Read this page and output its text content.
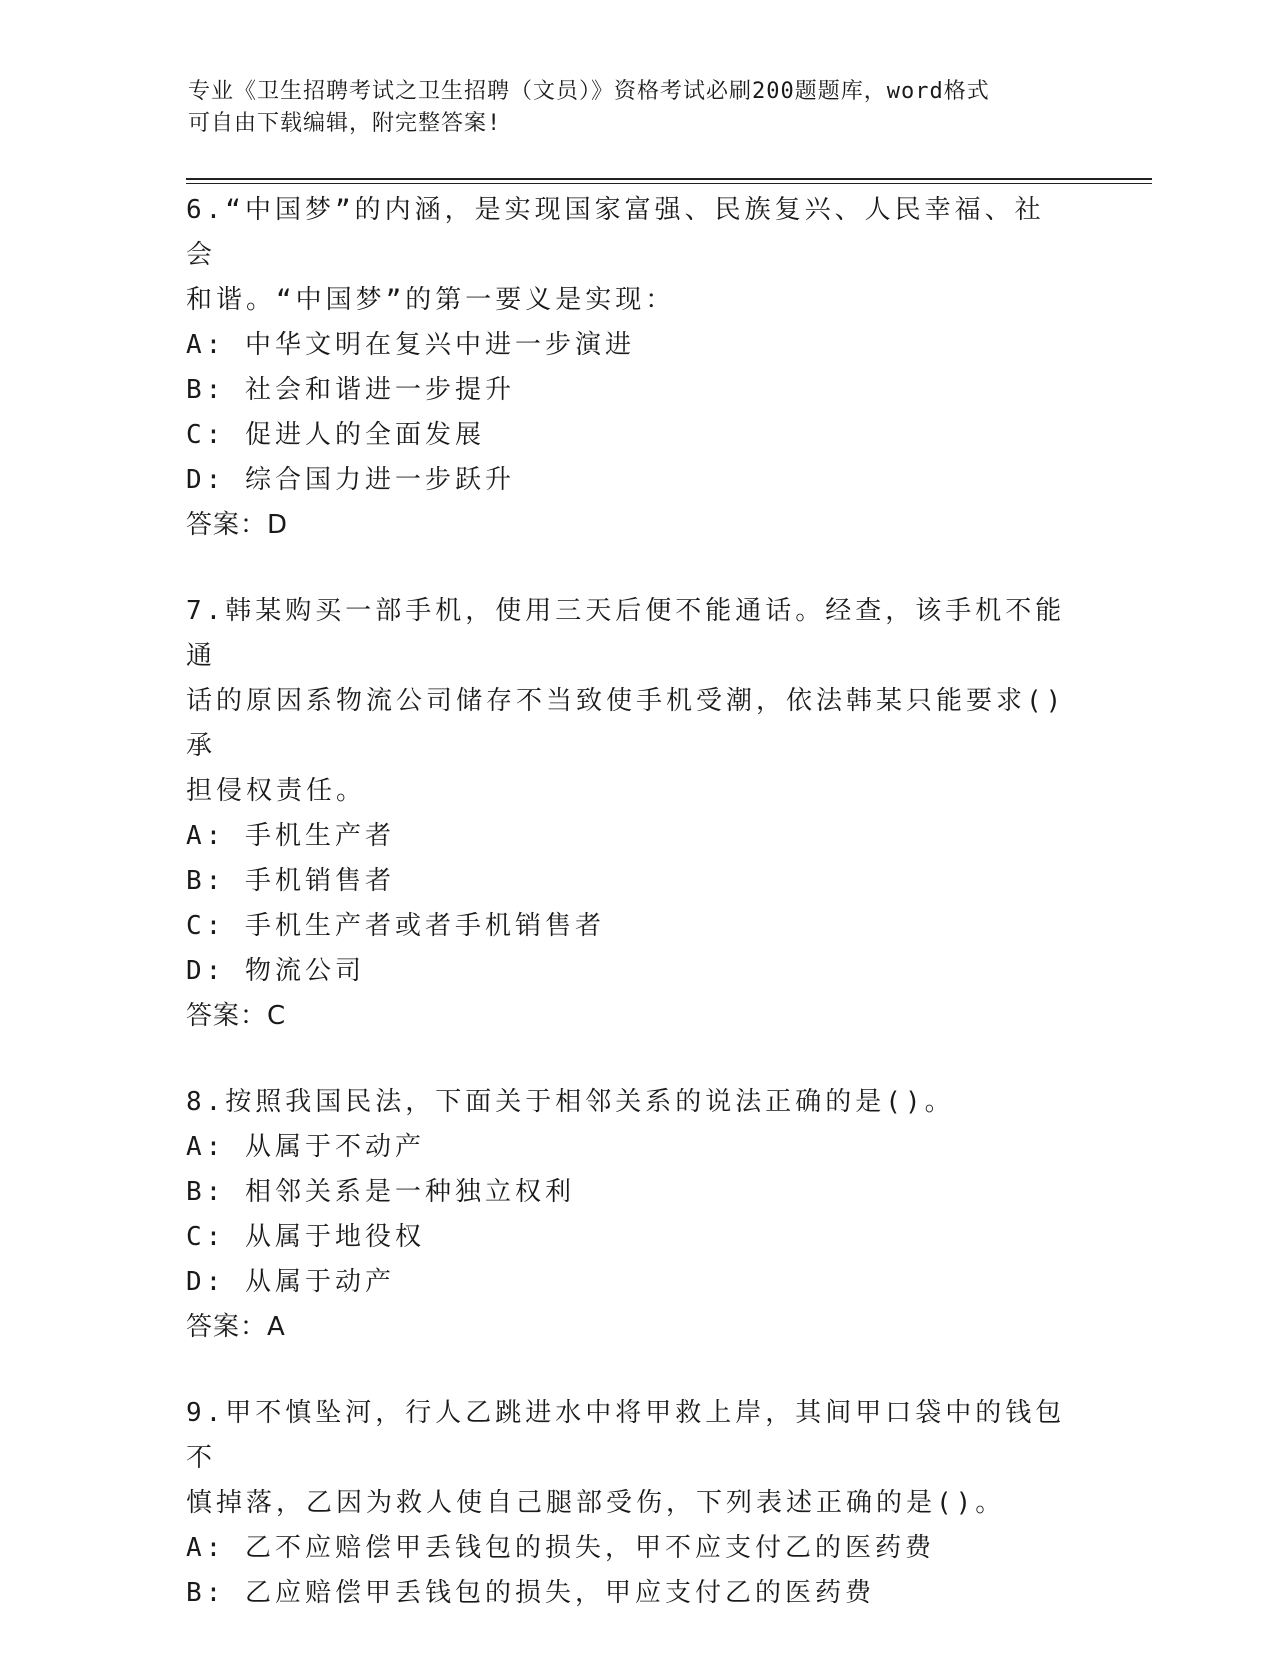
专业《卫生招聘考试之卫生招聘（文员）》资格考试必刷200题题库，word格式
可自由下载编辑，附完整答案!
6.“中国梦”的内涵，是实现国家富强、民族复兴、人民幸福、社会
和谐。“中国梦”的第一要义是实现：
A: 中华文明在复兴中进一步演进
B: 社会和谐进一步提升
C: 促进人的全面发展
D: 综合国力进一步跃升
答案：D
7.韩某购买一部手机，使用三天后便不能通话。经查，该手机不能通
话的原因系物流公司储存不当致使手机受潮，依法韩某只能要求()承
担侵权责任。
A: 手机生产者
B: 手机销售者
C: 手机生产者或者手机销售者
D: 物流公司
答案：C
8.按照我国民法，下面关于相邻关系的说法正确的是()。
A: 从属于不动产
B: 相邻关系是一种独立权利
C: 从属于地役权
D: 从属于动产
答案：A
9.甲不慎坠河，行人乙跳进水中将甲救上岸，其间甲口袋中的钱包不
慎掉落，乙因为救人使自己腿部受伤，下列表述正确的是()。
A: 乙不应赔偿甲丢钱包的损失，甲不应支付乙的医药费
B: 乙应赔偿甲丢钱包的损失，甲应支付乙的医药费
